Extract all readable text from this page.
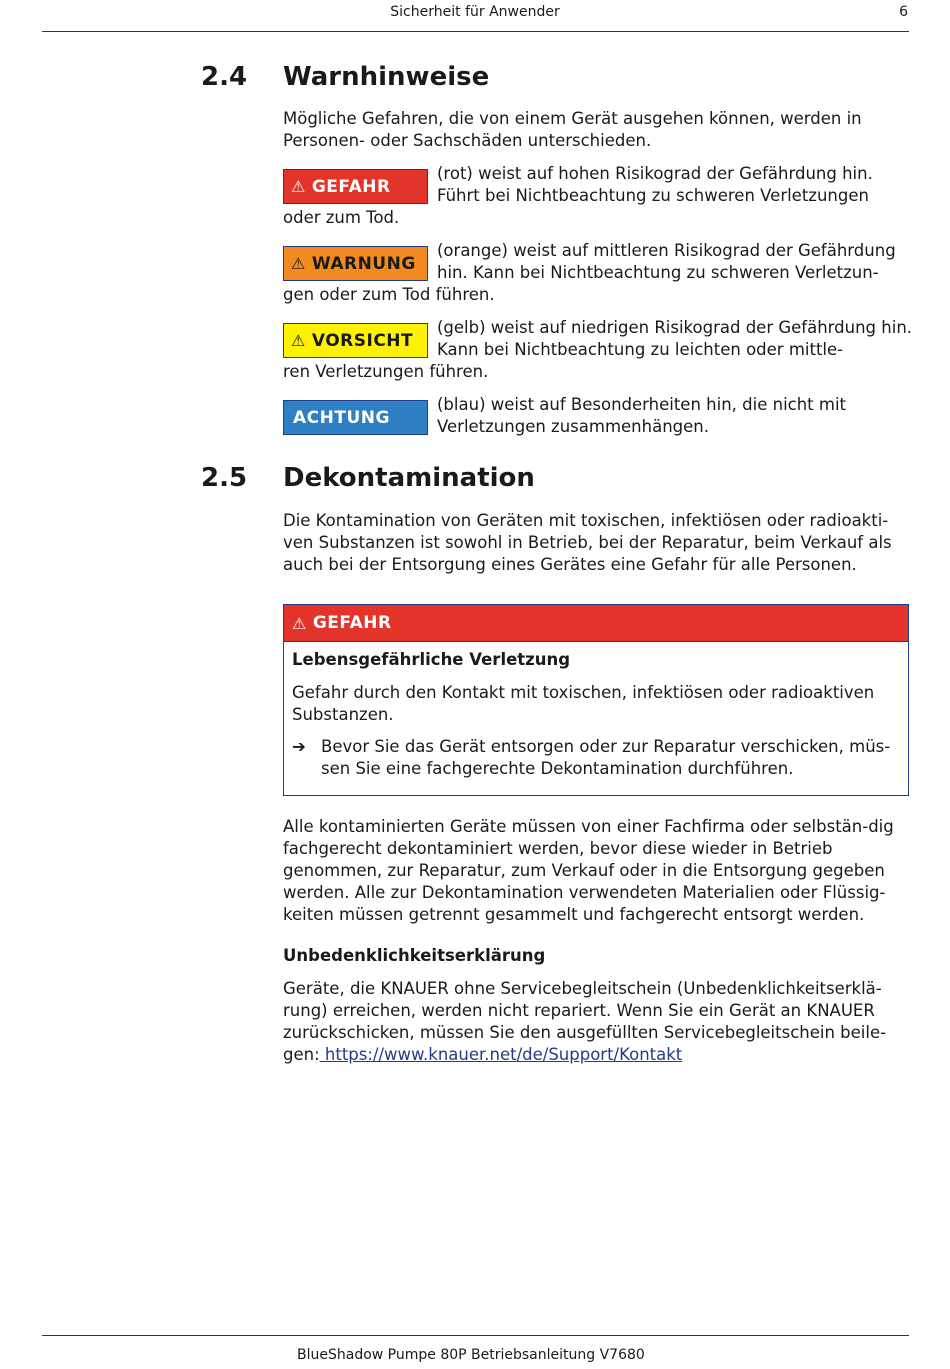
Sicherheit für Anwender	6
2.4 Warnhinweise

Mögliche Gefahren, die von einem Gerät ausgehen können, werden in Personen- oder Sachschäden unterschieden.

⚠ GEFAHR

(rot) weist auf hohen Risikograd der Gefährdung hin. Führt bei Nichtbeachtung zu schweren Verletzungen

oder zum Tod.

⚠ WARNUNG

(orange) weist auf mittleren Risikograd der Gefährdung hin. Kann bei Nichtbeachtung zu schweren Verletzun-

gen oder zum Tod führen.

⚠ VORSICHT

(gelb) weist auf niedrigen Risikograd der Gefährdung hin. Kann bei Nichtbeachtung zu leichten oder mittle-

ren Verletzungen führen.

ACHTUNG

(blau) weist auf Besonderheiten hin, die nicht mit Verletzungen zusammenhängen.

2.5 Dekontamination

Die Kontamination von Geräten mit toxischen, infektiösen oder radioakti-ven Substanzen ist sowohl in Betrieb, bei der Reparatur, beim Verkauf als auch bei der Entsorgung eines Gerätes eine Gefahr für alle Personen.

⚠ GEFAHR
Lebensgefährliche Verletzung
Gefahr durch den Kontakt mit toxischen, infektiösen oder radioaktiven Substanzen.
➔ Bevor Sie das Gerät entsorgen oder zur Reparatur verschicken, müs-sen Sie eine fachgerechte Dekontamination durchführen.

Alle kontaminierten Geräte müssen von einer Fachfirma oder selbstän-dig fachgerecht dekontaminiert werden, bevor diese wieder in Betrieb genommen, zur Reparatur, zum Verkauf oder in die Entsorgung gegeben werden. Alle zur Dekontamination verwendeten Materialien oder Flüssig-keiten müssen getrennt gesammelt und fachgerecht entsorgt werden.

Unbedenklichkeitserklärung

Geräte, die KNAUER ohne Servicebegleitschein (Unbedenklichkeitserklä-rung) erreichen, werden nicht repariert. Wenn Sie ein Gerät an KNAUER zurückschicken, müssen Sie den ausgefüllten Servicebegleitschein beile-gen: https://www.knauer.net/de/Support/Kontakt

BlueShadow Pumpe 80P Betriebsanleitung V7680
